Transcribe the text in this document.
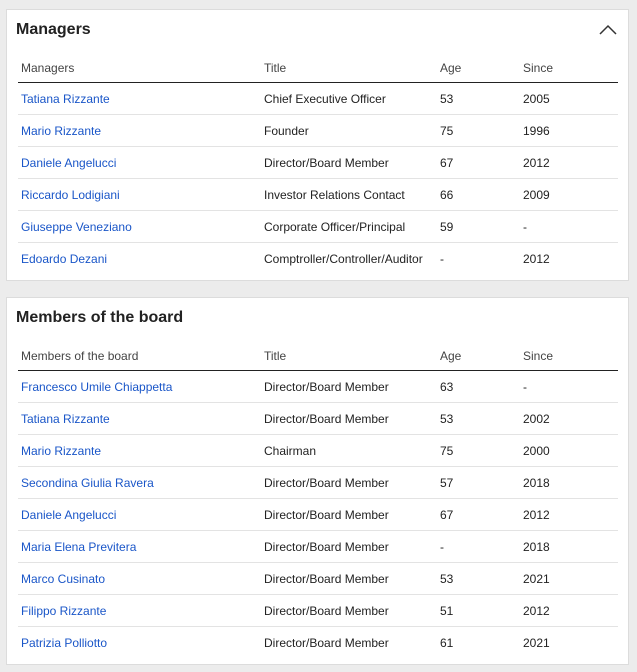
Managers
Managers	Title	Age	Since
Tatiana Rizzante	Chief Executive Officer	53	2005
Mario Rizzante	Founder	75	1996
Daniele Angelucci	Director/Board Member	67	2012
Riccardo Lodigiani	Investor Relations Contact	66	2009
Giuseppe Veneziano	Corporate Officer/Principal	59	-
Edoardo Dezani	Comptroller/Controller/Auditor	-	2012
Members of the board
Members of the board	Title	Age	Since
Francesco Umile Chiappetta	Director/Board Member	63	-
Tatiana Rizzante	Director/Board Member	53	2002
Mario Rizzante	Chairman	75	2000
Secondina Giulia Ravera	Director/Board Member	57	2018
Daniele Angelucci	Director/Board Member	67	2012
Maria Elena Previtera	Director/Board Member	-	2018
Marco Cusinato	Director/Board Member	53	2021
Filippo Rizzante	Director/Board Member	51	2012
Patrizia Polliotto	Director/Board Member	61	2021
